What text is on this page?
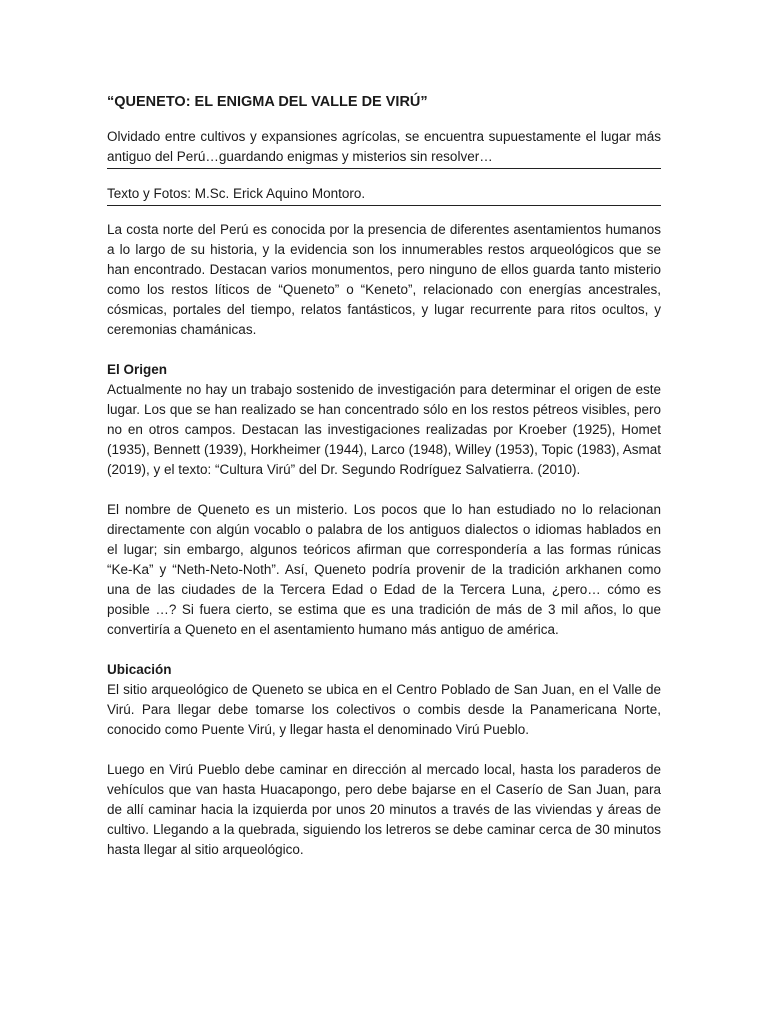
“QUENETO: EL ENIGMA DEL VALLE DE VIRÚ”

Olvidado entre cultivos y expansiones agrícolas, se encuentra supuestamente el lugar más antiguo del Perú…guardando enigmas y misterios sin resolver…

Texto y Fotos: M.Sc. Erick Aquino Montoro.

La costa norte del Perú es conocida por la presencia de diferentes asentamientos humanos a lo largo de su historia, y la evidencia son los innumerables restos arqueológicos que se han encontrado. Destacan varios monumentos, pero ninguno de ellos guarda tanto misterio como los restos líticos de “Queneto” o “Keneto”, relacionado con energías ancestrales, cósmicas, portales del tiempo, relatos fantásticos, y lugar recurrente para ritos ocultos, y ceremonias chamánicas.

El Origen

Actualmente no hay un trabajo sostenido de investigación para determinar el origen de este lugar. Los que se han realizado se han concentrado sólo en los restos pétreos visibles, pero no en otros campos. Destacan las investigaciones realizadas por Kroeber (1925), Homet (1935), Bennett (1939), Horkheimer (1944), Larco (1948), Willey (1953), Topic (1983), Asmat (2019), y el texto: “Cultura Virú” del Dr. Segundo Rodríguez Salvatierra. (2010).

El nombre de Queneto es un misterio. Los pocos que lo han estudiado no lo relacionan directamente con algún vocablo o palabra de los antiguos dialectos o idiomas hablados en el lugar; sin embargo, algunos teóricos afirman que correspondería a las formas rúnicas “Ke-Ka” y “Neth-Neto-Noth”. Así, Queneto podría provenir de la tradición arkhanen como una de las ciudades de la Tercera Edad o Edad de la Tercera Luna, ¿pero… cómo es posible …? Si fuera cierto, se estima que es una tradición de más de 3 mil años, lo que convertiría a Queneto en el asentamiento humano más antiguo de américa.

Ubicación

El sitio arqueológico de Queneto se ubica en el Centro Poblado de San Juan, en el Valle de Virú. Para llegar debe tomarse los colectivos o combis desde la Panamericana Norte, conocido como Puente Virú, y llegar hasta el denominado Virú Pueblo.

Luego en Virú Pueblo debe caminar en dirección al mercado local, hasta los paraderos de vehículos que van hasta Huacapongo, pero debe bajarse en el Caserío de San Juan, para de allí caminar hacia la izquierda por unos 20 minutos a través de las viviendas y áreas de cultivo. Llegando a la quebrada, siguiendo los letreros se debe caminar cerca de 30 minutos hasta llegar al sitio arqueológico.
